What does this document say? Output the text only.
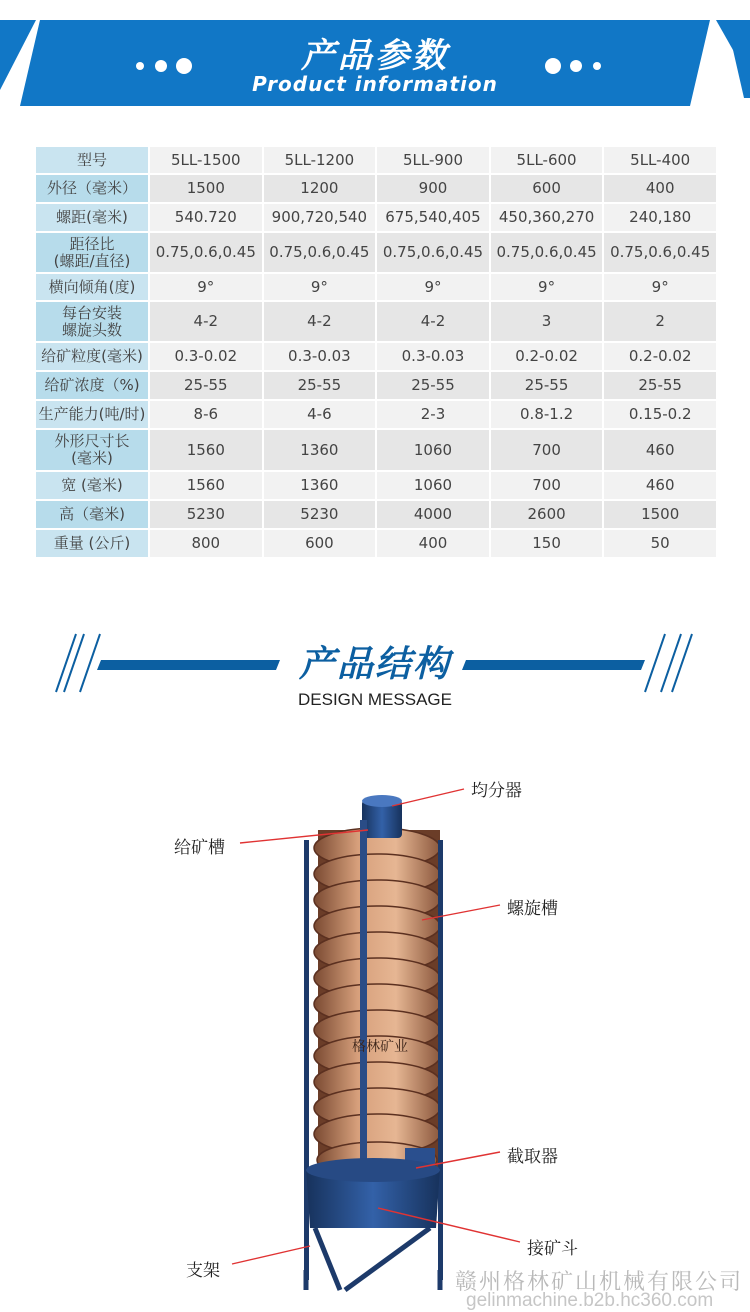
产品参数
Product information
型号	5LL-1500	5LL-1200	5LL-900	5LL-600	5LL-400
外径（毫米）	1500	1200	900	600	400
螺距(毫米)	540.720	900,720,540	675,540,405	450,360,270	240,180
距径比
(螺距/直径)	0.75,0.6,0.45	0.75,0.6,0.45	0.75,0.6,0.45	0.75,0.6,0.45	0.75,0.6,0.45
横向倾角(度)	9°	9°	9°	9°	9°
每台安装
螺旋头数	4-2	4-2	4-2	3	2
给矿粒度(毫米)	0.3-0.02	0.3-0.03	0.3-0.03	0.2-0.02	0.2-0.02
给矿浓度（%)	25-55	25-55	25-55	25-55	25-55
生产能力(吨/时)	8-6	4-6	2-3	0.8-1.2	0.15-0.2
外形尺寸长
(毫米)	1560	1360	1060	700	460
宽 (毫米)	1560	1360	1060	700	460
高（毫米)	5230	5230	4000	2600	1500
重量 (公斤)	800	600	400	150	50
产品结构
DESIGN MESSAGE
格林矿业
均分器
给矿槽
螺旋槽
截取器
接矿斗
支架	赣州格林矿山机械有限公司
gelinmachine.b2b.hc360.com
